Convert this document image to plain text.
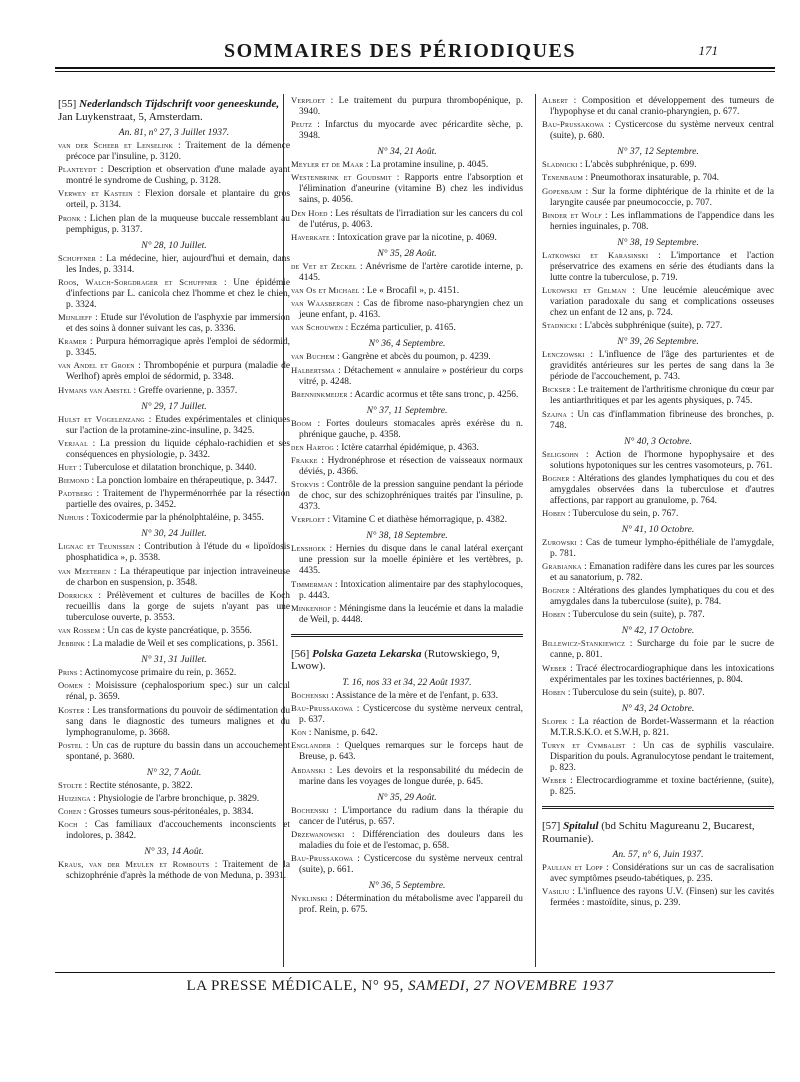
SOMMAIRES DES PÉRIODIQUES	171
[55] Nederlandsch Tijdschrift voor geneeskunde, Jan Luykenstraat, 5, Amsterdam.
An. 81, n° 27, 3 Juillet 1937.
van der Scheer et Lenselink : Traitement de la démence précoce par l'insuline, p. 3120.
Planteydt : Description et observation d'une malade ayant montré le syndrome de Cushing, p. 3128.
Verwey et Kastein : Flexion dorsale et plantaire du gros orteil, p. 3134.
Pronk : Lichen plan de la muqueuse buccale ressemblant au pemphigus, p. 3137.
N° 28, 10 Juillet.
Schuffner : La médecine, hier, aujourd'hui et demain, dans les Indes, p. 3314.
Roos, Walch-Sorgdrager et Schuffner : Une épidémie d'infections par L. canicola chez l'homme et chez le chien, p. 3324.
Mijnlieff : Etude sur l'évolution de l'asphyxie par immersion et des soins à donner suivant les cas, p. 3336.
Kramer : Purpura hémorragique après l'emploi de sédormid, p. 3345.
van Andel et Groen : Thrombopénie et purpura (maladie de Werlhof) après emploi de sédormid, p. 3348.
Hymans van Amstel : Greffe ovarienne, p. 3357.
N° 29, 17 Juillet.
Hulst et Vogelenzang : Etudes expérimentales et cliniques sur l'action de la protamine-zinc-insuline, p. 3425.
Verjaal : La pression du liquide céphalo-rachidien et ses conséquences en physiologie, p. 3432.
Huet : Tuberculose et dilatation bronchique, p. 3440.
Biemond : La ponction lombaire en thérapeutique, p. 3447.
Padtberg : Traitement de l'hyperménorrhée par la résection partielle des ovaires, p. 3452.
Nijhuis : Toxicodermie par la phénolphtaléine, p. 3455.
N° 30, 24 Juillet.
Lignac et Teunissen : Contribution à l'étude du « lipoïdosis phosphatidica », p. 3538.
van Meeteren : La thérapeutique par injection intraveineuse de charbon en suspension, p. 3548.
Dorrickx : Prélèvement et cultures de bacilles de Koch recueillis dans la gorge de sujets n'ayant pas une tuberculose ouverte, p. 3553.
van Rossem : Un cas de kyste pancréatique, p. 3556.
Jebbink : La maladie de Weil et ses complications, p. 3561.
N° 31, 31 Juillet.
Prins : Actinomycose primaire du rein, p. 3652.
Oomen : Moisissure (cephalosporium spec.) sur un calcul rénal, p. 3659.
Koster : Les transformations du pouvoir de sédimentation du sang dans le diagnostic des tumeurs malignes et du lymphogranulome, p. 3668.
Postel : Un cas de rupture du bassin dans un accouchement spontané, p. 3680.
N° 32, 7 Août.
Stolte : Rectite sténosante, p. 3822.
Huizinga : Physiologie de l'arbre bronchique, p. 3829.
Cohen : Grosses tumeurs sous-péritonéales, p. 3834.
Koch : Cas familiaux d'accouchements inconscients et indolores, p. 3842.
N° 33, 14 Août.
Kraus, van der Meulen et Rombouts : Traitement de la schizophrénie d'après la méthode de von Meduna, p. 3931.
Verploet : Le traitement du purpura thrombopénique, p. 3940.
Peutz : Infarctus du myocarde avec péricardite sèche, p. 3948.
N° 34, 21 Août.
Meyler et de Maar : La protamine insuline, p. 4045.
Westenbrink et Goudsmit : Rapports entre l'absorption et l'élimination d'aneurine (vitamine B) chez les individus sains, p. 4056.
Den Hoed : Les résultats de l'irradiation sur les cancers du col de l'utérus, p. 4063.
Haverkate : Intoxication grave par la nicotine, p. 4069.
N° 35, 28 Août.
de Vet et Zeckel : Anévrisme de l'artère carotide interne, p. 4145.
van Os et Michael : Le « Brocafil », p. 4151.
van Waasbergen : Cas de fibrome naso-pharyngien chez un jeune enfant, p. 4163.
van Schouwen : Eczéma particulier, p. 4165.
N° 36, 4 Septembre.
van Buchem : Gangrène et abcès du poumon, p. 4239.
Halbertsma : Détachement « annulaire » postérieur du corps vitré, p. 4248.
Brenninkmeijer : Acardic acormus et tête sans tronc, p. 4256.
N° 37, 11 Septembre.
Boom : Fortes douleurs stomacales après exérèse du n. phrénique gauche, p. 4358.
den Hartog : Ictère catarrhal épidémique, p. 4363.
Frakke : Hydronéphrose et résection de vaisseaux normaux déviés, p. 4366.
Stokvis : Contrôle de la pression sanguine pendant la période de choc, sur des schizophréniques traités par l'insuline, p. 4373.
Verploet : Vitamine C et diathèse hémorragique, p. 4382.
N° 38, 18 Septembre.
Lenshoek : Hernies du disque dans le canal latéral exerçant une pression sur la moelle épinière et les vertèbres, p. 4435.
Timmerman : Intoxication alimentaire par des staphylocoques, p. 4443.
Minkenhof : Méningisme dans la leucémie et dans la maladie de Weil, p. 4448.
[56] Polska Gazeta Lekarska (Rutowskiego, 9, Lwow).
T. 16, nos 33 et 34, 22 Août 1937.
Bochenski : Assistance de la mère et de l'enfant, p. 633.
Bau-Prussakowa : Cysticercose du système nerveux central, p. 637.
Kon : Nanisme, p. 642.
Englander : Quelques remarques sur le forceps haut de Breuse, p. 643.
Abdanski : Les devoirs et la responsabilité du médecin de marine dans les voyages de longue durée, p. 645.
N° 35, 29 Août.
Bochenski : L'importance du radium dans la thérapie du cancer de l'utérus, p. 657.
Drzewanowski : Différenciation des douleurs dans les maladies du foie et de l'estomac, p. 658.
Bau-Prussakowa : Cysticercose du système nerveux central (suite), p. 661.
N° 36, 5 Septembre.
Nyklinski : Détermination du métabolisme avec l'appareil du prof. Rein, p. 675.
Albert : Composition et développement des tumeurs de l'hypophyse et du canal cranio-pharyngien, p. 677.
Bau-Prussakowa : Cysticercose du système nerveux central (suite), p. 680.
N° 37, 12 Septembre.
Sladnicki : L'abcès subphrénique, p. 699.
Tenenbaum : Pneumothorax insaturable, p. 704.
Gopenbajm : Sur la forme diphtérique de la rhinite et de la laryngite causée par pneumococcie, p. 707.
Binder et Wolf : Les inflammations de l'appendice dans les hernies inguinales, p. 708.
N° 38, 19 Septembre.
Latkowski et Karasinski : L'importance et l'action préservatrice des examens en série des étudiants dans la lutte contre la tuberculose, p. 719.
Lukowski et Gelman : Une leucémie aleucémique avec variation paradoxale du sang et complications osseuses chez un enfant de 12 ans, p. 724.
Stadnicki : L'abcès subphrénique (suite), p. 727.
N° 39, 26 Septembre.
Lenczowski : L'influence de l'âge des parturientes et de gravidités antérieures sur les pertes de sang dans la 3e période de l'accouchement, p. 743.
Bickser : Le traitement de l'arthritisme chronique du cœur par les antiarthritiques et par les agents physiques, p. 745.
Szajna : Un cas d'inflammation fibrineuse des bronches, p. 748.
N° 40, 3 Octobre.
Seligsohn : Action de l'hormone hypophysaire et des solutions hypotoniques sur les centres vasomoteurs, p. 761.
Bogner : Altérations des glandes lymphatiques du cou et des amygdales observées dans la tuberculose et d'autres affections, par rapport au granulome, p. 764.
Hoben : Tuberculose du sein, p. 767.
N° 41, 10 Octobre.
Zurowski : Cas de tumeur lympho-épithéliale de l'amygdale, p. 781.
Grabianka : Emanation radifère dans les cures par les sources et au sanatorium, p. 782.
Bogner : Altérations des glandes lymphatiques du cou et des amygdales dans la tuberculose (suite), p. 784.
Hoben : Tuberculose du sein (suite), p. 787.
N° 42, 17 Octobre.
Billewicz-Stankiewicz : Surcharge du foie par le sucre de canne, p. 801.
Weber : Tracé électrocardiographique dans les intoxications expérimentales par les toxines bactériennes, p. 804.
Hoben : Tuberculose du sein (suite), p. 807.
N° 43, 24 Octobre.
Slopek : La réaction de Bordet-Wassermann et la réaction M.T.R.S.K.O. et S.W.H, p. 821.
Turyn et Cymbalist : Un cas de syphilis vasculaire. Disparition du pouls. Agranulocytose pendant le traitement, p. 823.
Weber : Electrocardiogramme et toxine bactérienne, (suite), p. 825.
[57] Spitalul (bd Schitu Magureanu 2, Bucarest, Roumanie).
An. 57, n° 6, Juin 1937.
Paulian et Lopp : Considérations sur un cas de sacralisation avec symptômes pseudo-tabétiques, p. 235.
Vasiliu : L'influence des rayons U.V. (Finsen) sur les cavités fermées : mastoïdite, sinus, p. 239.
LA PRESSE MÉDICALE, N° 95, SAMEDI, 27 NOVEMBRE 1937
